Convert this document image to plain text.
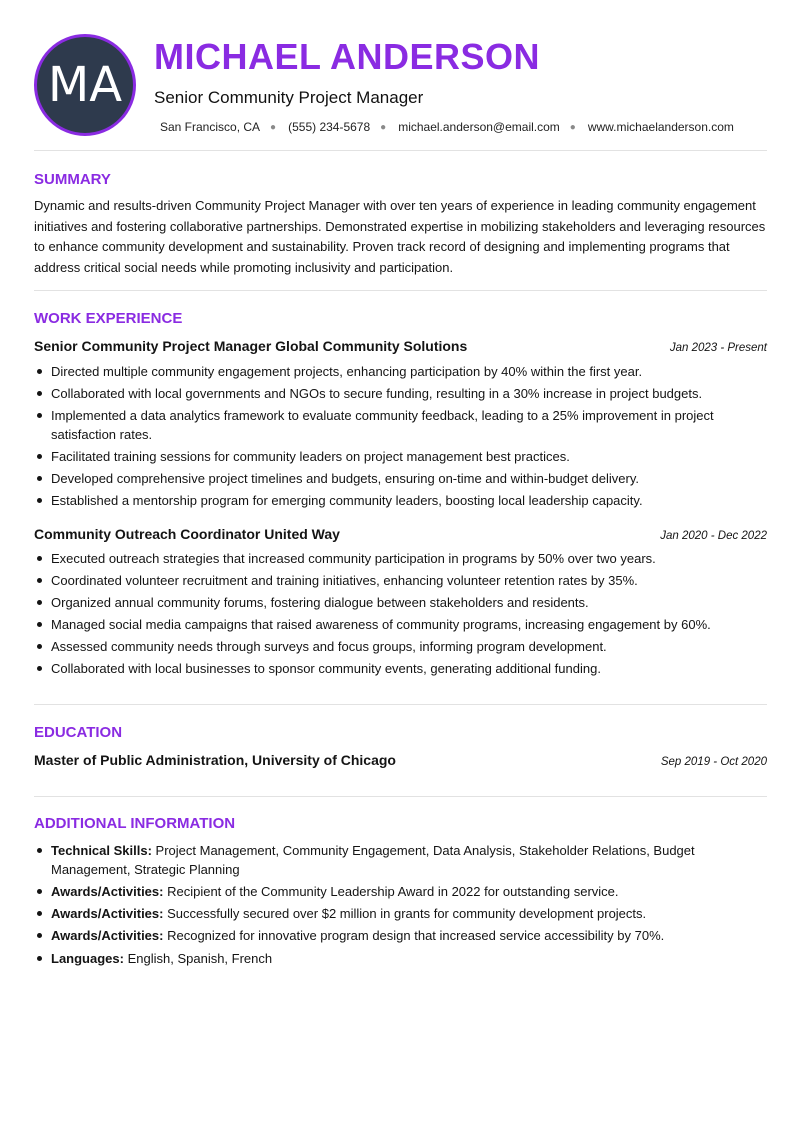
MA
MICHAEL ANDERSON
Senior Community Project Manager
San Francisco, CA ● (555) 234-5678 ● michael.anderson@email.com ● www.michaelanderson.com
SUMMARY
Dynamic and results-driven Community Project Manager with over ten years of experience in leading community engagement initiatives and fostering collaborative partnerships. Demonstrated expertise in mobilizing stakeholders and leveraging resources to enhance community development and sustainability. Proven track record of designing and implementing programs that address critical social needs while promoting inclusivity and participation.
WORK EXPERIENCE
Senior Community Project Manager Global Community Solutions	Jan 2023 - Present
Directed multiple community engagement projects, enhancing participation by 40% within the first year.
Collaborated with local governments and NGOs to secure funding, resulting in a 30% increase in project budgets.
Implemented a data analytics framework to evaluate community feedback, leading to a 25% improvement in project satisfaction rates.
Facilitated training sessions for community leaders on project management best practices.
Developed comprehensive project timelines and budgets, ensuring on-time and within-budget delivery.
Established a mentorship program for emerging community leaders, boosting local leadership capacity.
Community Outreach Coordinator United Way	Jan 2020 - Dec 2022
Executed outreach strategies that increased community participation in programs by 50% over two years.
Coordinated volunteer recruitment and training initiatives, enhancing volunteer retention rates by 35%.
Organized annual community forums, fostering dialogue between stakeholders and residents.
Managed social media campaigns that raised awareness of community programs, increasing engagement by 60%.
Assessed community needs through surveys and focus groups, informing program development.
Collaborated with local businesses to sponsor community events, generating additional funding.
EDUCATION
Master of Public Administration, University of Chicago	Sep 2019 - Oct 2020
ADDITIONAL INFORMATION
Technical Skills: Project Management, Community Engagement, Data Analysis, Stakeholder Relations, Budget Management, Strategic Planning
Awards/Activities: Recipient of the Community Leadership Award in 2022 for outstanding service.
Awards/Activities: Successfully secured over $2 million in grants for community development projects.
Awards/Activities: Recognized for innovative program design that increased service accessibility by 70%.
Languages: English, Spanish, French
